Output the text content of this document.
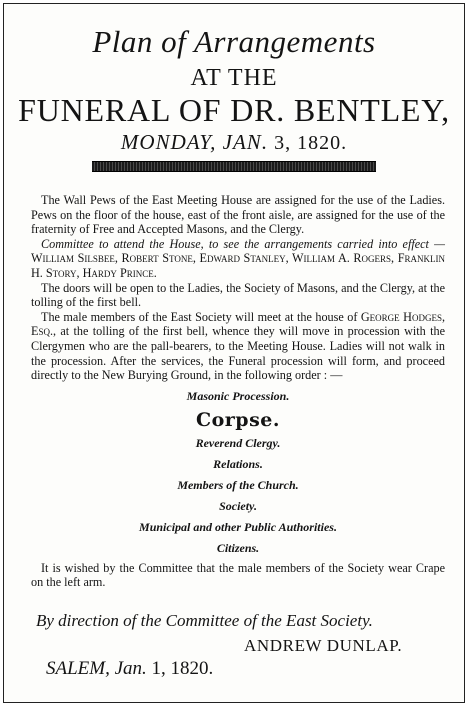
Plan of Arrangements
AT THE
FUNERAL OF DR. BENTLEY,
MONDAY, JAN. 3, 1820.

The Wall Pews of the East Meeting House are assigned for the use of the Ladies. Pews on the floor of the house, east of the front aisle, are assigned for the use of the fraternity of Free and Accepted Masons, and the Clergy.

Committee to attend the House, to see the arrangements carried into effect — William Silsbee, Robert Stone, Edward Stanley, William A. Rogers, Franklin H. Story, Hardy Prince.

The doors will be open to the Ladies, the Society of Masons, and the Clergy, at the tolling of the first bell.

The male members of the East Society will meet at the house of George Hodges, Esq., at the tolling of the first bell, whence they will move in procession with the Clergymen who are the pall-bearers, to the Meeting House. Ladies will not walk in the procession. After the services, the Funeral procession will form, and proceed directly to the New Burying Ground, in the following order : —

Masonic Procession.
Corpse.
Reverend Clergy.
Relations.
Members of the Church.
Society.
Municipal and other Public Authorities.
Citizens.

It is wished by the Committee that the male members of the Society wear Crape on the left arm.

By direction of the Committee of the East Society.
ANDREW DUNLAP.
SALEM, Jan. 1, 1820.
